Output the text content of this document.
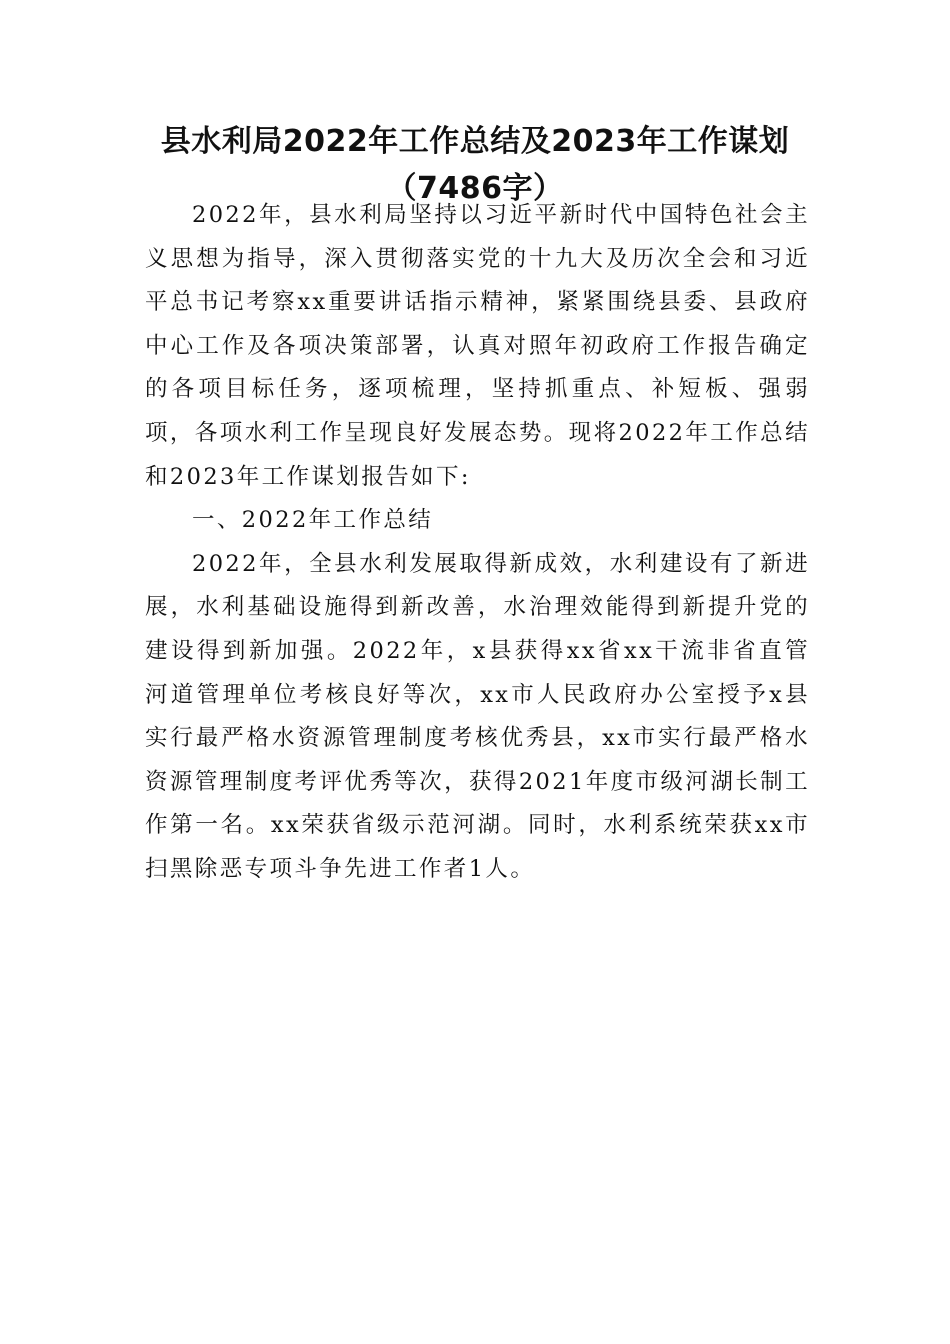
县水利局2022年工作总结及2023年工作谋划（7486字）

2022年，县水利局坚持以习近平新时代中国特色社会主义思想为指导，深入贯彻落实党的十九大及历次全会和习近平总书记考察xx重要讲话指示精神，紧紧围绕县委、县政府中心工作及各项决策部署，认真对照年初政府工作报告确定的各项目标任务，逐项梳理，坚持抓重点、补短板、强弱项，各项水利工作呈现良好发展态势。现将2022年工作总结和2023年工作谋划报告如下:

一、2022年工作总结

2022年，全县水利发展取得新成效，水利建设有了新进展，水利基础设施得到新改善，水治理效能得到新提升党的建设得到新加强。2022年，x县获得xx省xx干流非省直管河道管理单位考核良好等次，xx市人民政府办公室授予x县实行最严格水资源管理制度考核优秀县，xx市实行最严格水资源管理制度考评优秀等次，获得2021年度市级河湖长制工作第一名。xx荣获省级示范河湖。同时，水利系统荣获xx市扫黑除恶专项斗争先进工作者1人。
